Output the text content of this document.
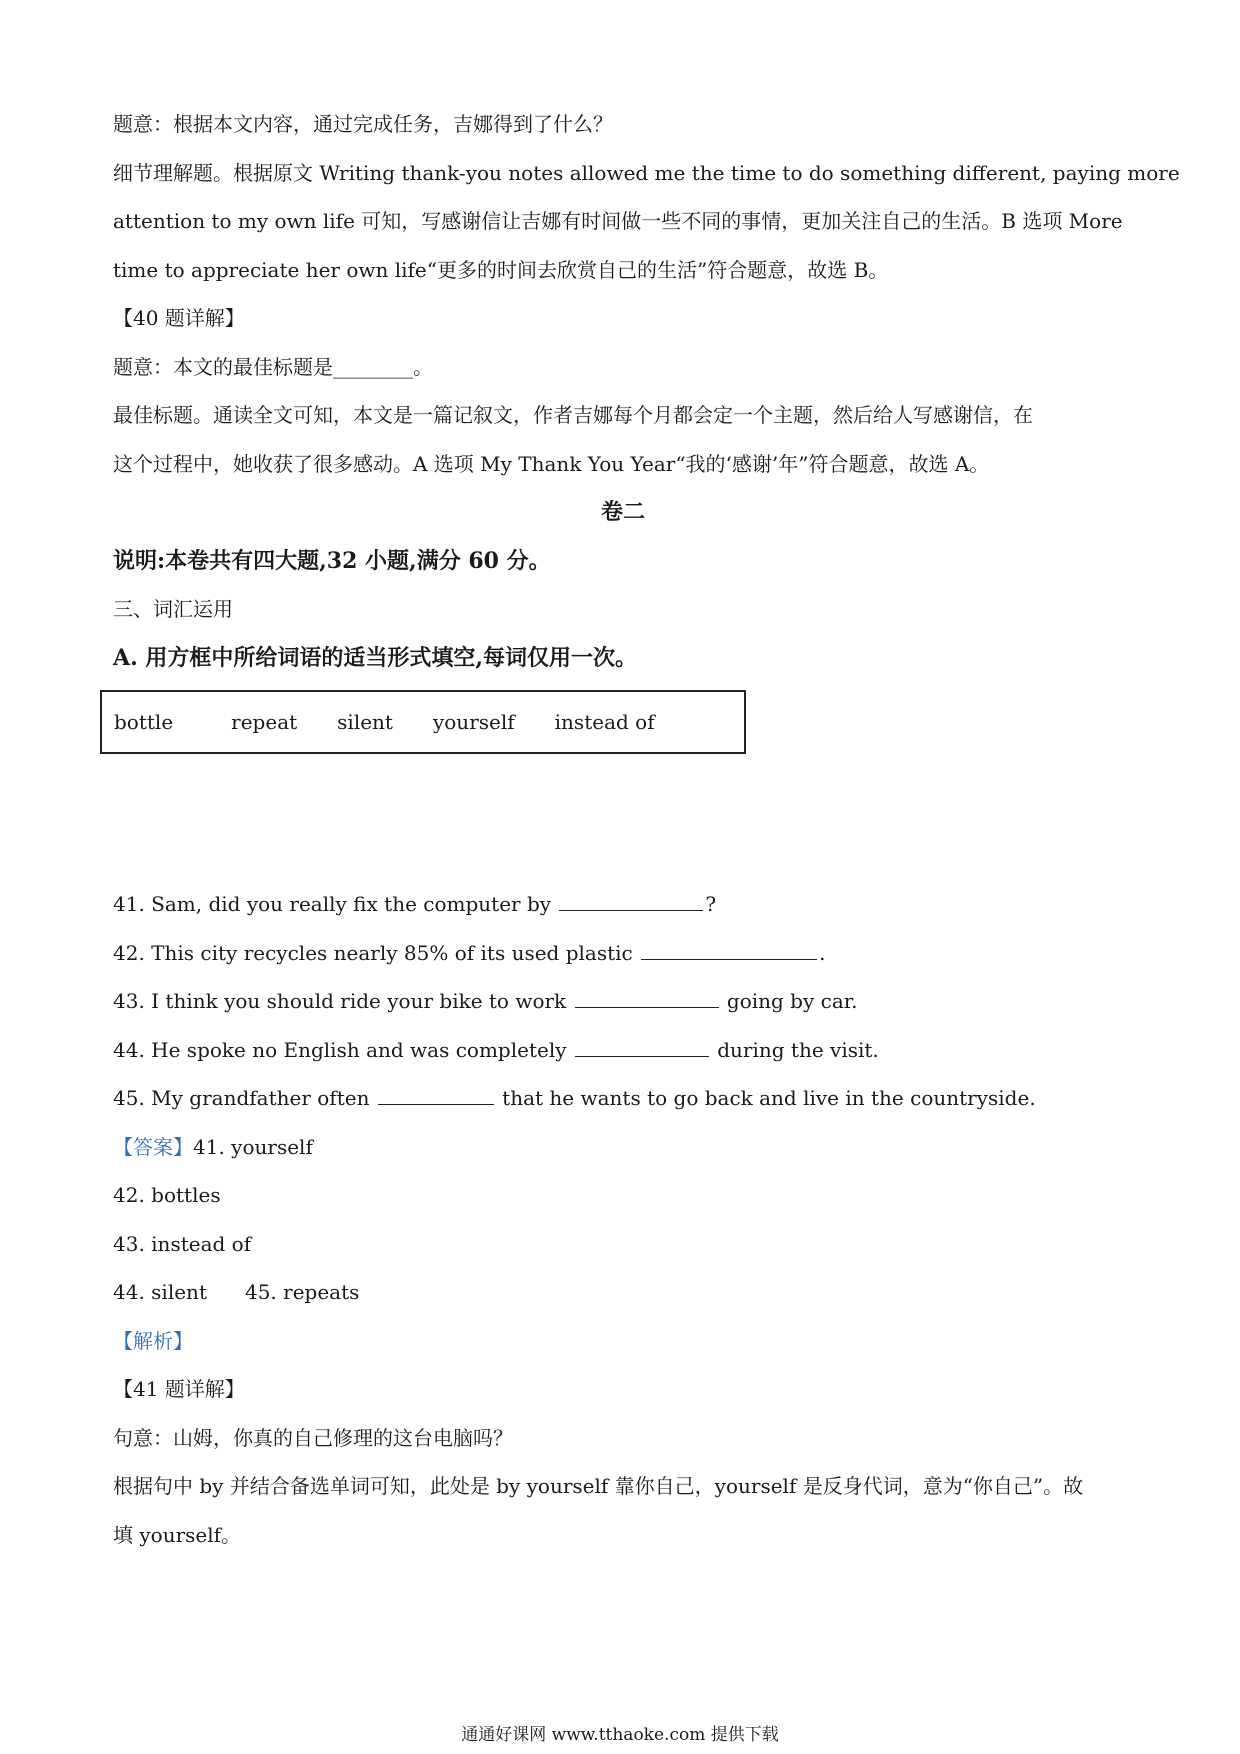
题意：根据本文内容，通过完成任务，吉娜得到了什么？
细节理解题。根据原文 Writing thank-you notes allowed me the time to do something different, paying more
attention to my own life 可知，写感谢信让吉娜有时间做一些不同的事情，更加关注自己的生活。B 选项 More
time to appreciate her own life“更多的时间去欣赏自己的生活”符合题意，故选 B。
【40 题详解】
题意：本文的最佳标题是________。
最佳标题。通读全文可知，本文是一篇记叙文，作者吉娜每个月都会定一个主题，然后给人写感谢信，在
这个过程中，她收获了很多感动。A 选项 My Thank You Year“我的‘感谢’年”符合题意，故选 A。
卷二
说明:本卷共有四大题,32 小题,满分 60 分。
三、词汇运用
A. 用方框中所给词语的适当形式填空,每词仅用一次。
bottle	repeat silent yourself instead of
41. Sam, did you really fix the computer by	?
42. This city recycles nearly 85% of its used plastic	.
43. I think you should ride your bike to work	going by car.
44. He spoke no English and was completely	during the visit.
45. My grandfather often	that he wants to go back and live in the countryside.
【答案】41. yourself
42. bottles
43. instead of
44. silent 45. repeats
【解析】
【41 题详解】
句意：山姆，你真的自己修理的这台电脑吗？
根据句中 by 并结合备选单词可知，此处是 by yourself 靠你自己，yourself 是反身代词，意为“你自己”。故
填 yourself。
通通好课网 www.tthaoke.com 提供下载
